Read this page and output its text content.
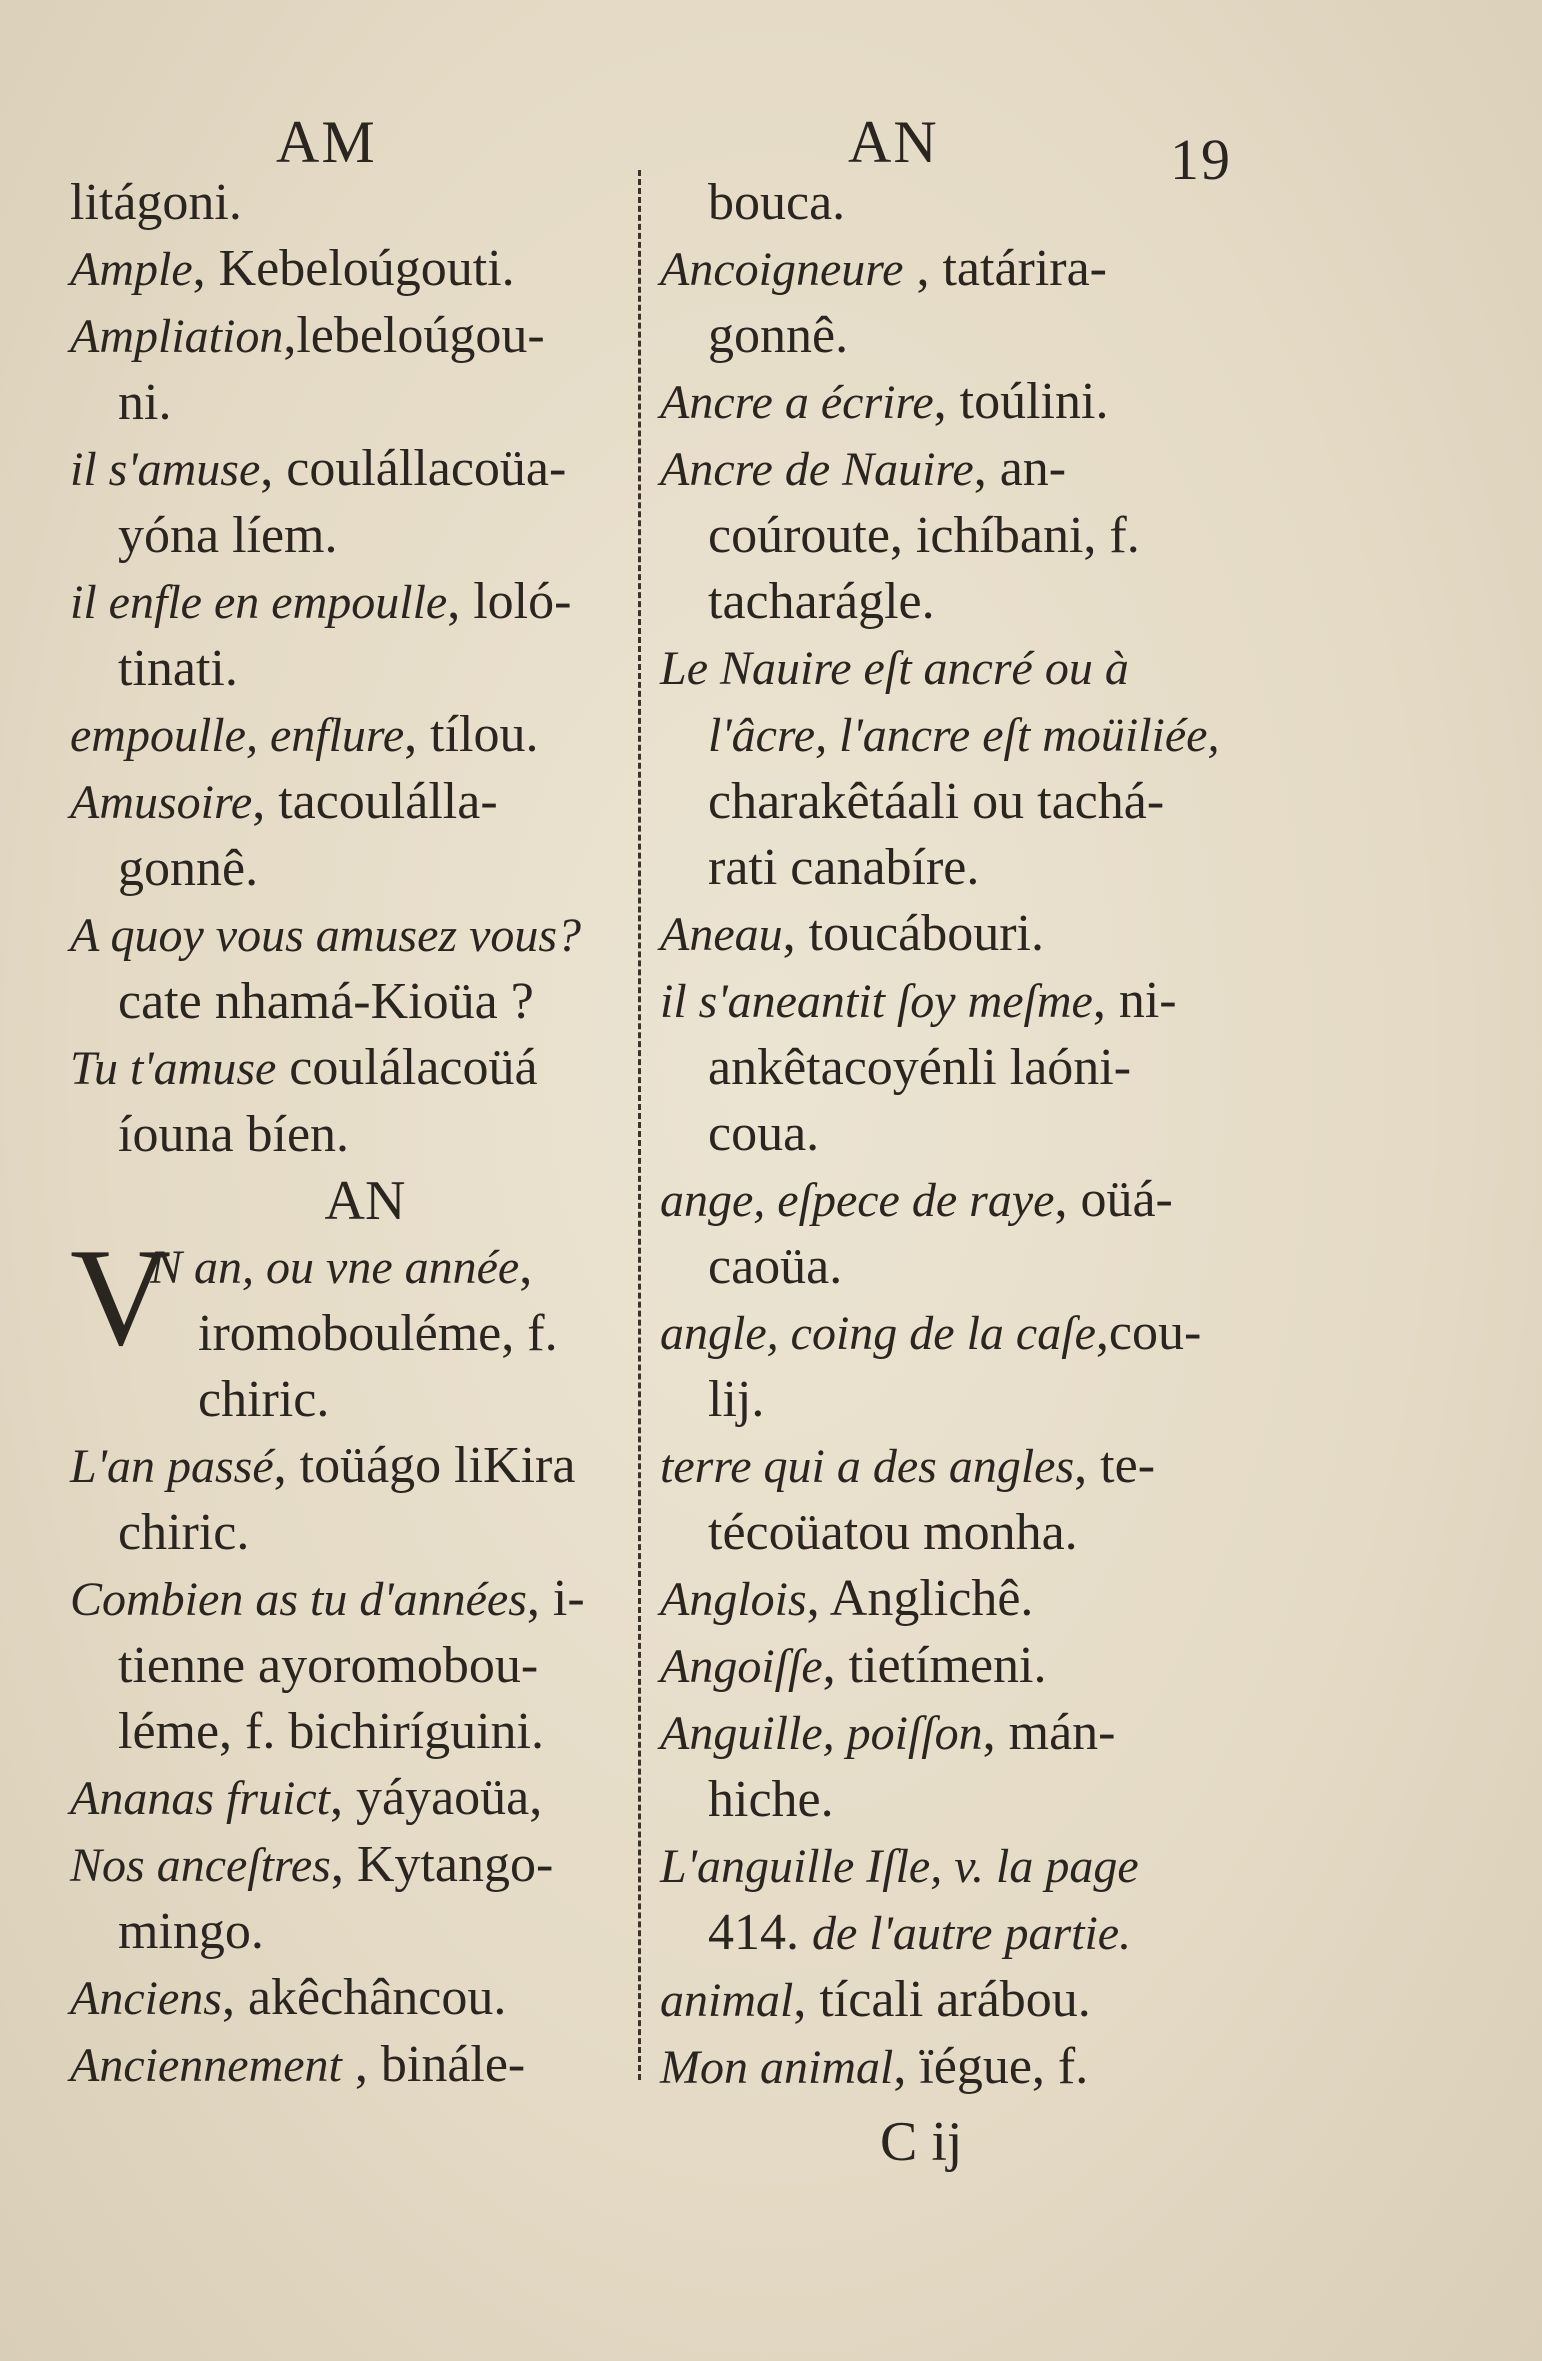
AM	AN	19
litágoni.
Ample, Kebeloúgouti.
Ampliation,lebeloúgou-
ni.
il s'amuse, coulállacoüa-
yóna líem.
il enfle en empoulle, loló-
tinati.
empoulle, enflure, tílou.
Amusoire, tacoulálla-
gonnê.
A quoy vous amusez vous?
cate nhamá-Kioüa ?
Tu t'amuse coulálacoüá
íouna bíen.
AN
V
N an, ou vne année,
iromobouléme, f.
chiric.
L'an passé, toüágo liKira
chiric.
Combien as tu d'années, i-
tienne ayoromobou-
léme, f. bichiríguini.
Ananas fruict, yáyaoüa,
Nos anceſtres, Kytango-
mingo.
Anciens, akêchâncou.
Anciennement , binále-
bouca.
Ancoigneure , tatárira-
gonnê.
Ancre a écrire, toúlini.
Ancre de Nauire, an-
coúroute, ichíbani, f.
tacharágle.
Le Nauire eſt ancré ou à
l'âcre, l'ancre eſt moüiliée,
charakêtáali ou tachá-
rati canabíre.
Aneau, toucábouri.
il s'aneantit ſoy meſme, ni-
ankêtacoyénli laóni-
coua.
ange, eſpece de raye, oüá-
caoüa.
angle, coing de la caſe,cou-
lij.
terre qui a des angles, te-
técoüatou monha.
Anglois, Anglichê.
Angoiſſe, tietímeni.
Anguille, poiſſon, mán-
hiche.
L'anguille Iſle, v. la page
414. de l'autre partie.
animal, tícali arábou.
Mon animal, ïégue, f.
C ij
